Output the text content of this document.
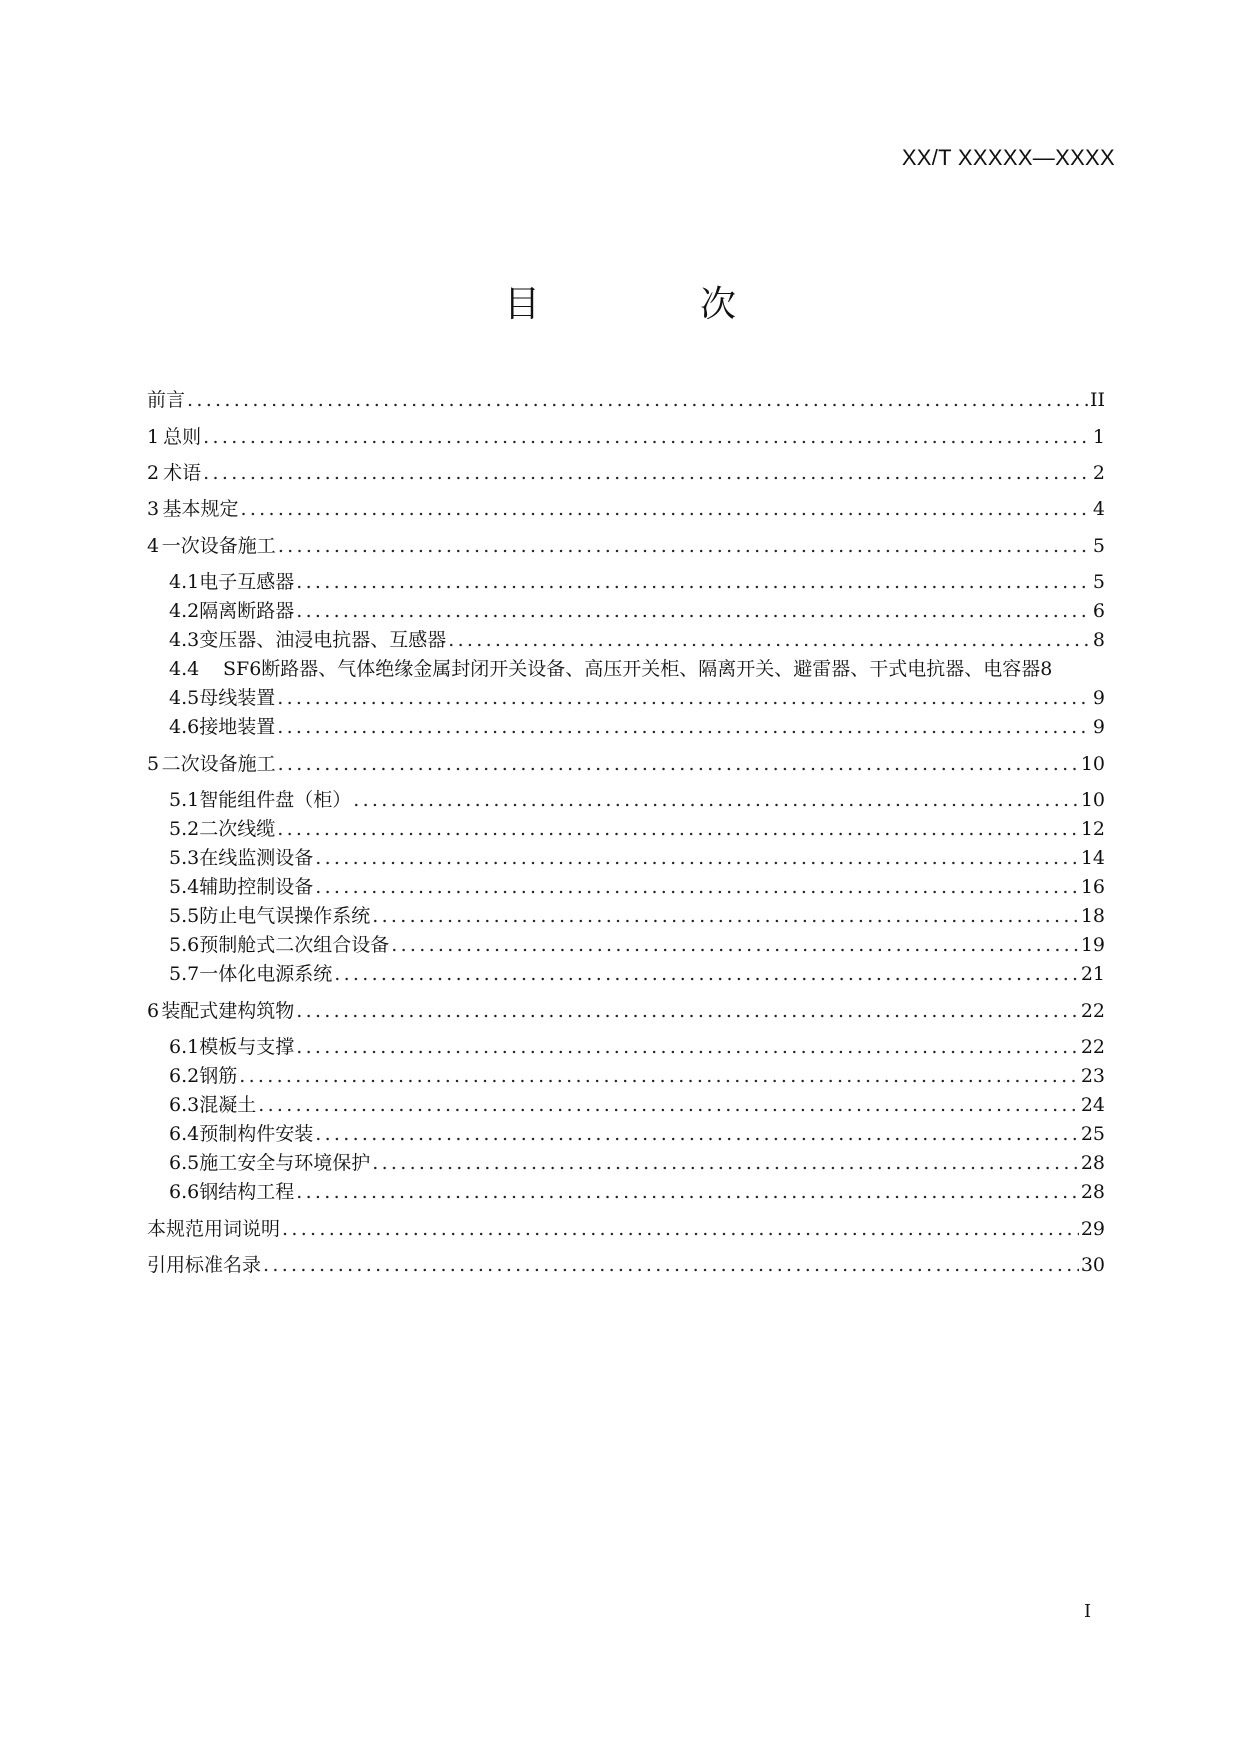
XX/T XXXXX—XXXX
目　次
前言 .....	II
1 总则 .....	1
2 术语 .....	2
3 基本规定 .....	4
4 一次设备施工 .....	5
4.1 电子互感器 .....	5
4.2 隔离断路器 .....	6
4.3 变压器、油浸电抗器、互感器 .....	8
4.4	SF6断路器、气体绝缘金属封闭开关设备、高压开关柜、隔离开关、避雷器、干式电抗器、电容器 8
4.5 母线装置 .....	9
4.6 接地装置 .....	9
5 二次设备施工 .....	10
5.1 智能组件盘（柜） .....	10
5.2 二次线缆 .....	12
5.3 在线监测设备 .....	14
5.4 辅助控制设备 .....	16
5.5 防止电气误操作系统 .....	18
5.6 预制舱式二次组合设备 .....	19
5.7 一体化电源系统 .....	21
6 装配式建构筑物 .....	22
6.1 模板与支撑 .....	22
6.2 钢筋 .....	23
6.3 混凝土 .....	24
6.4 预制构件安装 .....	25
6.5 施工安全与环境保护 .....	28
6.6 钢结构工程 .....	28
本规范用词说明 .....	29
引用标准名录 .....	30
I
